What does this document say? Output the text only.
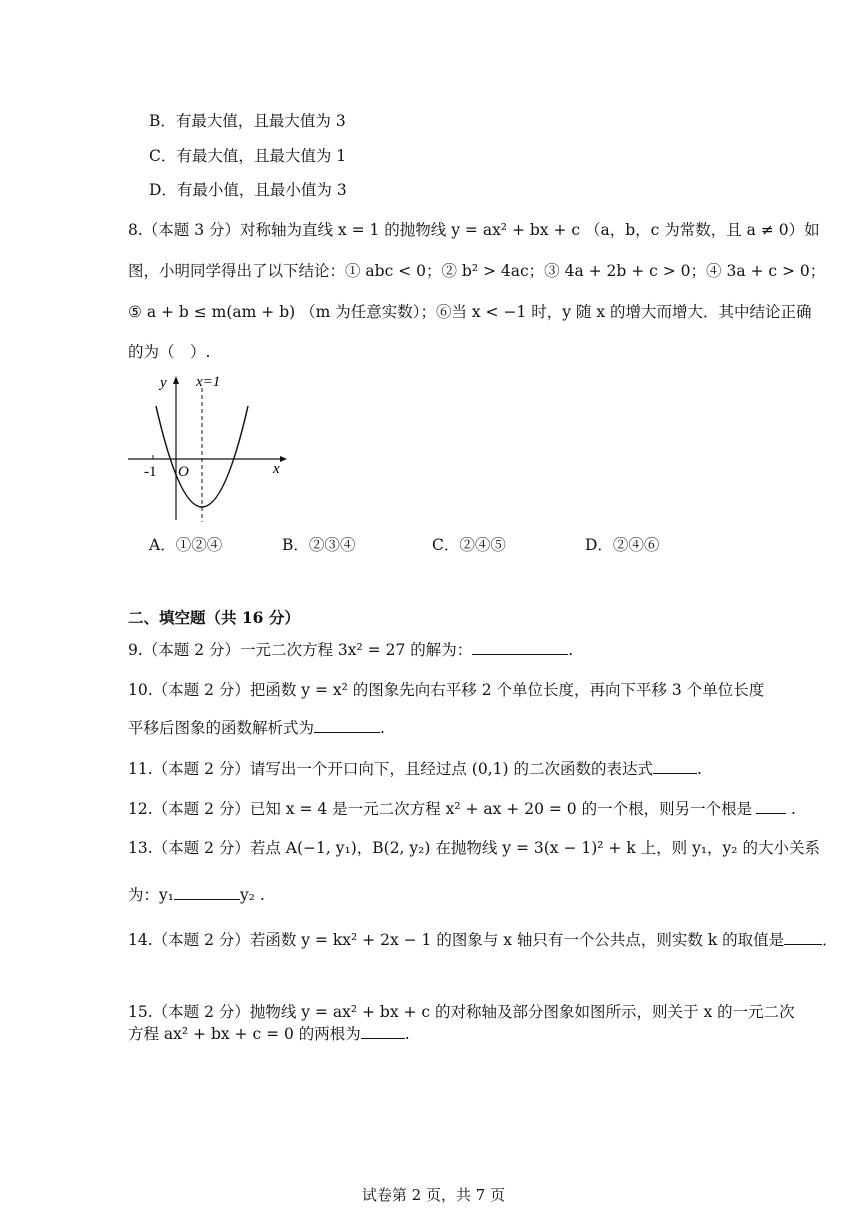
B．有最大值，且最大值为 3
C．有最大值，且最大值为 1
D．有最小值，且最小值为 3
8.（本题 3 分）对称轴为直线 x = 1 的抛物线 y = ax² + bx + c （a，b，c 为常数，且 a ≠ 0）如
图，小明同学得出了以下结论：① abc < 0；② b² > 4ac；③ 4a + 2b + c > 0；④ 3a + c > 0；
⑤ a + b ≤ m(am + b) （m 为任意实数）；⑥当 x < −1 时，y 随 x 的增大而增大．其中结论正确
的为（　）.
y x=1
-1 O	x
A．①②④	B．②③④	C．②④⑤	D．②④⑥
二、填空题（共 16 分）
9.（本题 2 分）一元二次方程 3x² = 27 的解为：	.
10.（本题 2 分）把函数 y = x² 的图象先向右平移 2 个单位长度，再向下平移 3 个单位长度
平移后图象的函数解析式为	.
11.（本题 2 分）请写出一个开口向下，且经过点 (0,1) 的二次函数的表达式	.
12.（本题 2 分）已知 x = 4 是一元二次方程 x² + ax + 20 = 0 的一个根，则另一个根是	.
13.（本题 2 分）若点 A(−1, y₁)，B(2, y₂) 在抛物线 y = 3(x − 1)² + k 上，则 y₁，y₂ 的大小关系
为：y₁	y₂ .
14.（本题 2 分）若函数 y = kx² + 2x − 1 的图象与 x 轴只有一个公共点，则实数 k 的取值是 ．
15.（本题 2 分）抛物线 y = ax² + bx + c 的对称轴及部分图象如图所示，则关于 x 的一元二次
方程 ax² + bx + c = 0 的两根为	.
试卷第 2 页，共 7 页
